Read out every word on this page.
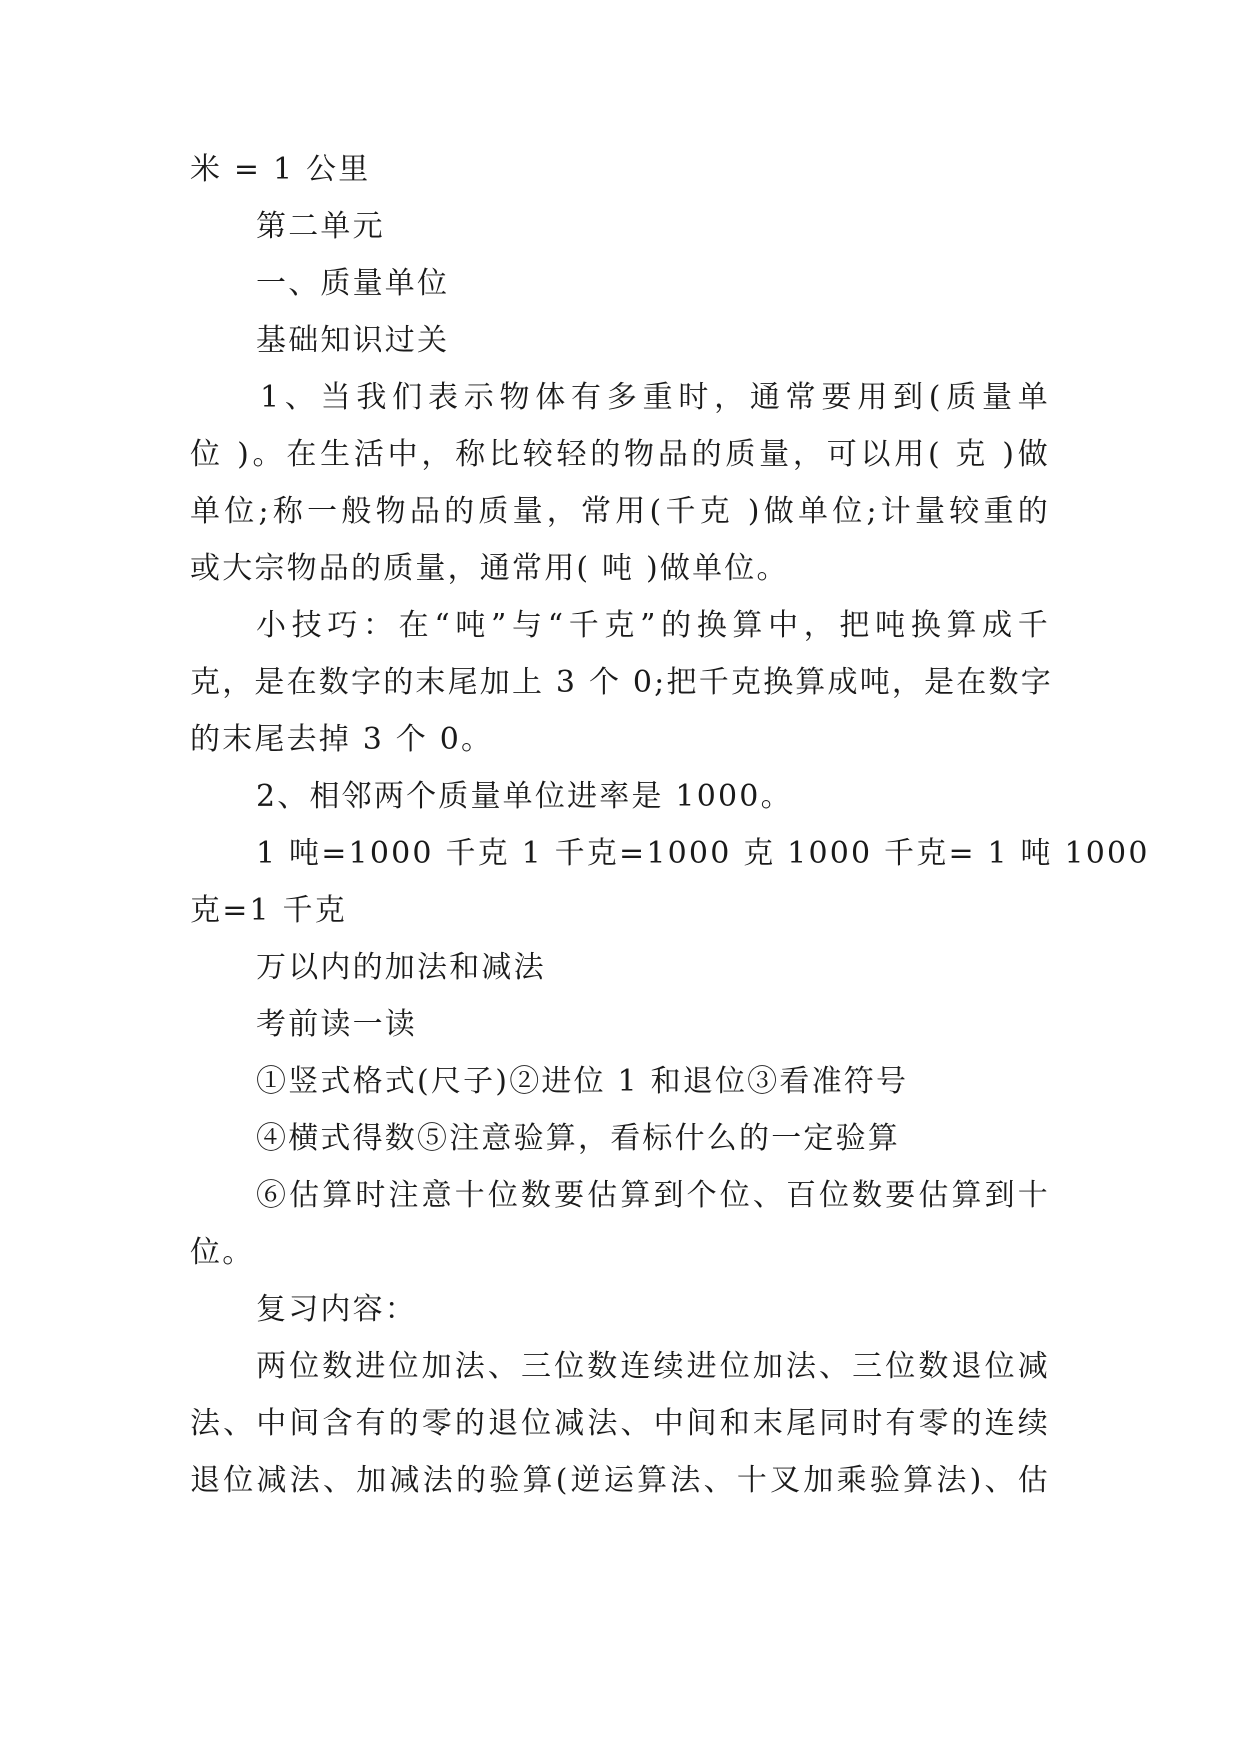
米 = 1 公里
第二单元
一、质量单位
基础知识过关
1、当我们表示物体有多重时，通常要用到(质量单
位 )。在生活中，称比较轻的物品的质量，可以用( 克 )做
单位;称一般物品的质量，常用(千克 )做单位;计量较重的
或大宗物品的质量，通常用( 吨 )做单位。
小技巧：在“吨”与“千克”的换算中，把吨换算成千
克，是在数字的末尾加上 3 个 0;把千克换算成吨，是在数字
的末尾去掉 3 个 0。
2、相邻两个质量单位进率是 1000。
1 吨=1000 千克 1 千克=1000 克 1000 千克= 1 吨 1000
克=1 千克
万以内的加法和减法
考前读一读
①竖式格式(尺子)②进位 1 和退位③看准符号
④横式得数⑤注意验算，看标什么的一定验算
⑥估算时注意十位数要估算到个位、百位数要估算到十
位。
复习内容：
两位数进位加法、三位数连续进位加法、三位数退位减
法、中间含有的零的退位减法、中间和末尾同时有零的连续
退位减法、加减法的验算(逆运算法、十叉加乘验算法)、估
